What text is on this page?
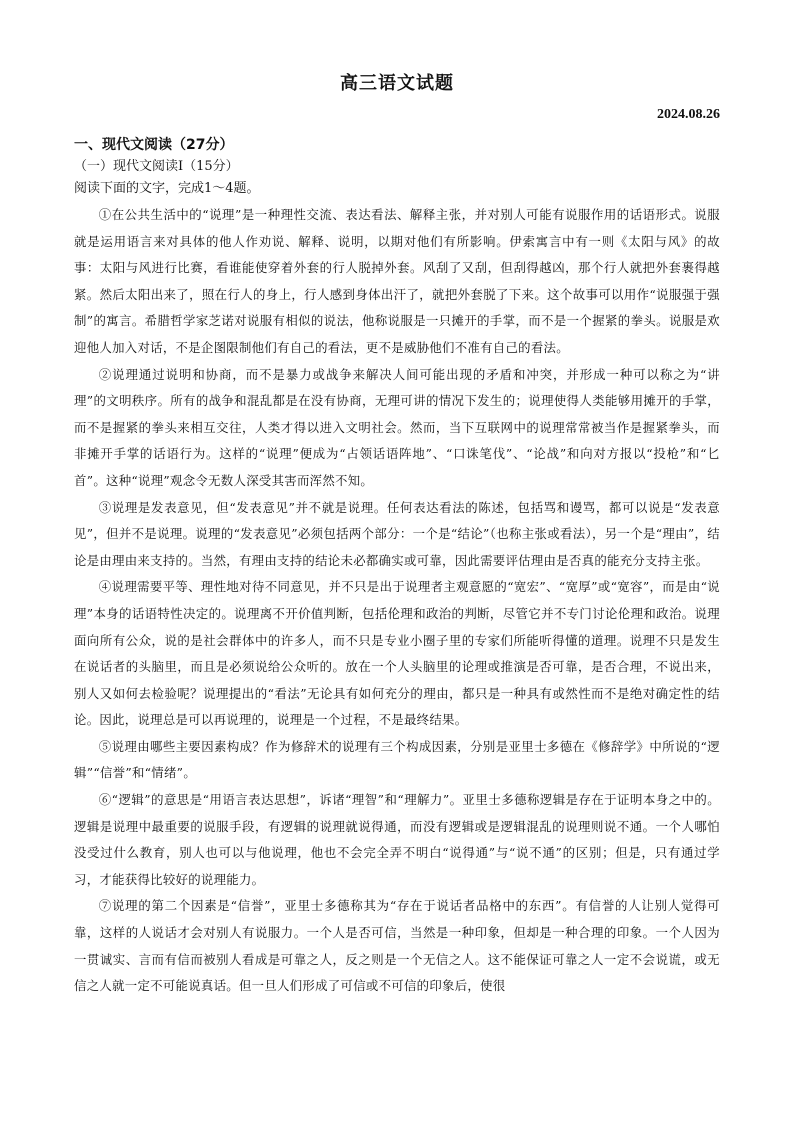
高三语文试题
2024.08.26
一、现代文阅读（27分）
（一）现代文阅读Ⅰ（15分）
阅读下面的文字，完成1～4题。

①在公共生活中的“说理”是一种理性交流、表达看法、解释主张，并对别人可能有说服作用的话语形式。说服就是运用语言来对具体的他人作劝说、解释、说明，以期对他们有所影响。伊索寓言中有一则《太阳与风》的故事：太阳与风进行比赛，看谁能使穿着外套的行人脱掉外套。风刮了又刮，但刮得越凶，那个行人就把外套裹得越紧。然后太阳出来了，照在行人的身上，行人感到身体出汗了，就把外套脱了下来。这个故事可以用作“说服强于强制”的寓言。希腊哲学家芝诺对说服有相似的说法，他称说服是一只摊开的手掌，而不是一个握紧的拳头。说服是欢迎他人加入对话，不是企图限制他们有自己的看法，更不是威胁他们不准有自己的看法。

②说理通过说明和协商，而不是暴力或战争来解决人间可能出现的矛盾和冲突，并形成一种可以称之为“讲理”的文明秩序。所有的战争和混乱都是在没有协商，无理可讲的情况下发生的；说理使得人类能够用摊开的手掌，而不是握紧的拳头来相互交往，人类才得以进入文明社会。然而，当下互联网中的说理常常被当作是握紧拳头，而非摊开手掌的话语行为。这样的“说理”便成为“占领话语阵地”、“口诛笔伐”、“论战”和向对方报以“投枪”和“匕首”。这种“说理”观念令无数人深受其害而浑然不知。

③说理是发表意见，但“发表意见”并不就是说理。任何表达看法的陈述，包括骂和谩骂，都可以说是“发表意见”，但并不是说理。说理的“发表意见”必须包括两个部分：一个是“结论”（也称主张或看法），另一个是“理由”，结论是由理由来支持的。当然，有理由支持的结论未必都确实或可靠，因此需要评估理由是否真的能充分支持主张。

④说理需要平等、理性地对待不同意见，并不只是出于说理者主观意愿的“宽宏”、“宽厚”或“宽容”，而是由“说理”本身的话语特性决定的。说理离不开价值判断，包括伦理和政治的判断，尽管它并不专门讨论伦理和政治。说理面向所有公众，说的是社会群体中的许多人，而不只是专业小圈子里的专家们所能听得懂的道理。说理不只是发生在说话者的头脑里，而且是必须说给公众听的。放在一个人头脑里的论理或推演是否可靠，是否合理，不说出来，别人又如何去检验呢？说理提出的“看法”无论具有如何充分的理由，都只是一种具有或然性而不是绝对确定性的结论。因此，说理总是可以再说理的，说理是一个过程，不是最终结果。

⑤说理由哪些主要因素构成？作为修辞术的说理有三个构成因素，分别是亚里士多德在《修辞学》中所说的“逻辑”“信誉”和“情绪”。

⑥“逻辑”的意思是“用语言表达思想”，诉诸“理智”和“理解力”。亚里士多德称逻辑是存在于证明本身之中的。逻辑是说理中最重要的说服手段，有逻辑的说理就说得通，而没有逻辑或是逻辑混乱的说理则说不通。一个人哪怕没受过什么教育，别人也可以与他说理，他也不会完全弄不明白“说得通”与“说不通”的区别；但是，只有通过学习，才能获得比较好的说理能力。

⑦说理的第二个因素是“信誉”，亚里士多德称其为“存在于说话者品格中的东西”。有信誉的人让别人觉得可靠，这样的人说话才会对别人有说服力。一个人是否可信，当然是一种印象，但却是一种合理的印象。一个人因为一贯诚实、言而有信而被别人看成是可靠之人，反之则是一个无信之人。这不能保证可靠之人一定不会说谎，或无信之人就一定不可能说真话。但一旦人们形成了可信或不可信的印象后，使很
